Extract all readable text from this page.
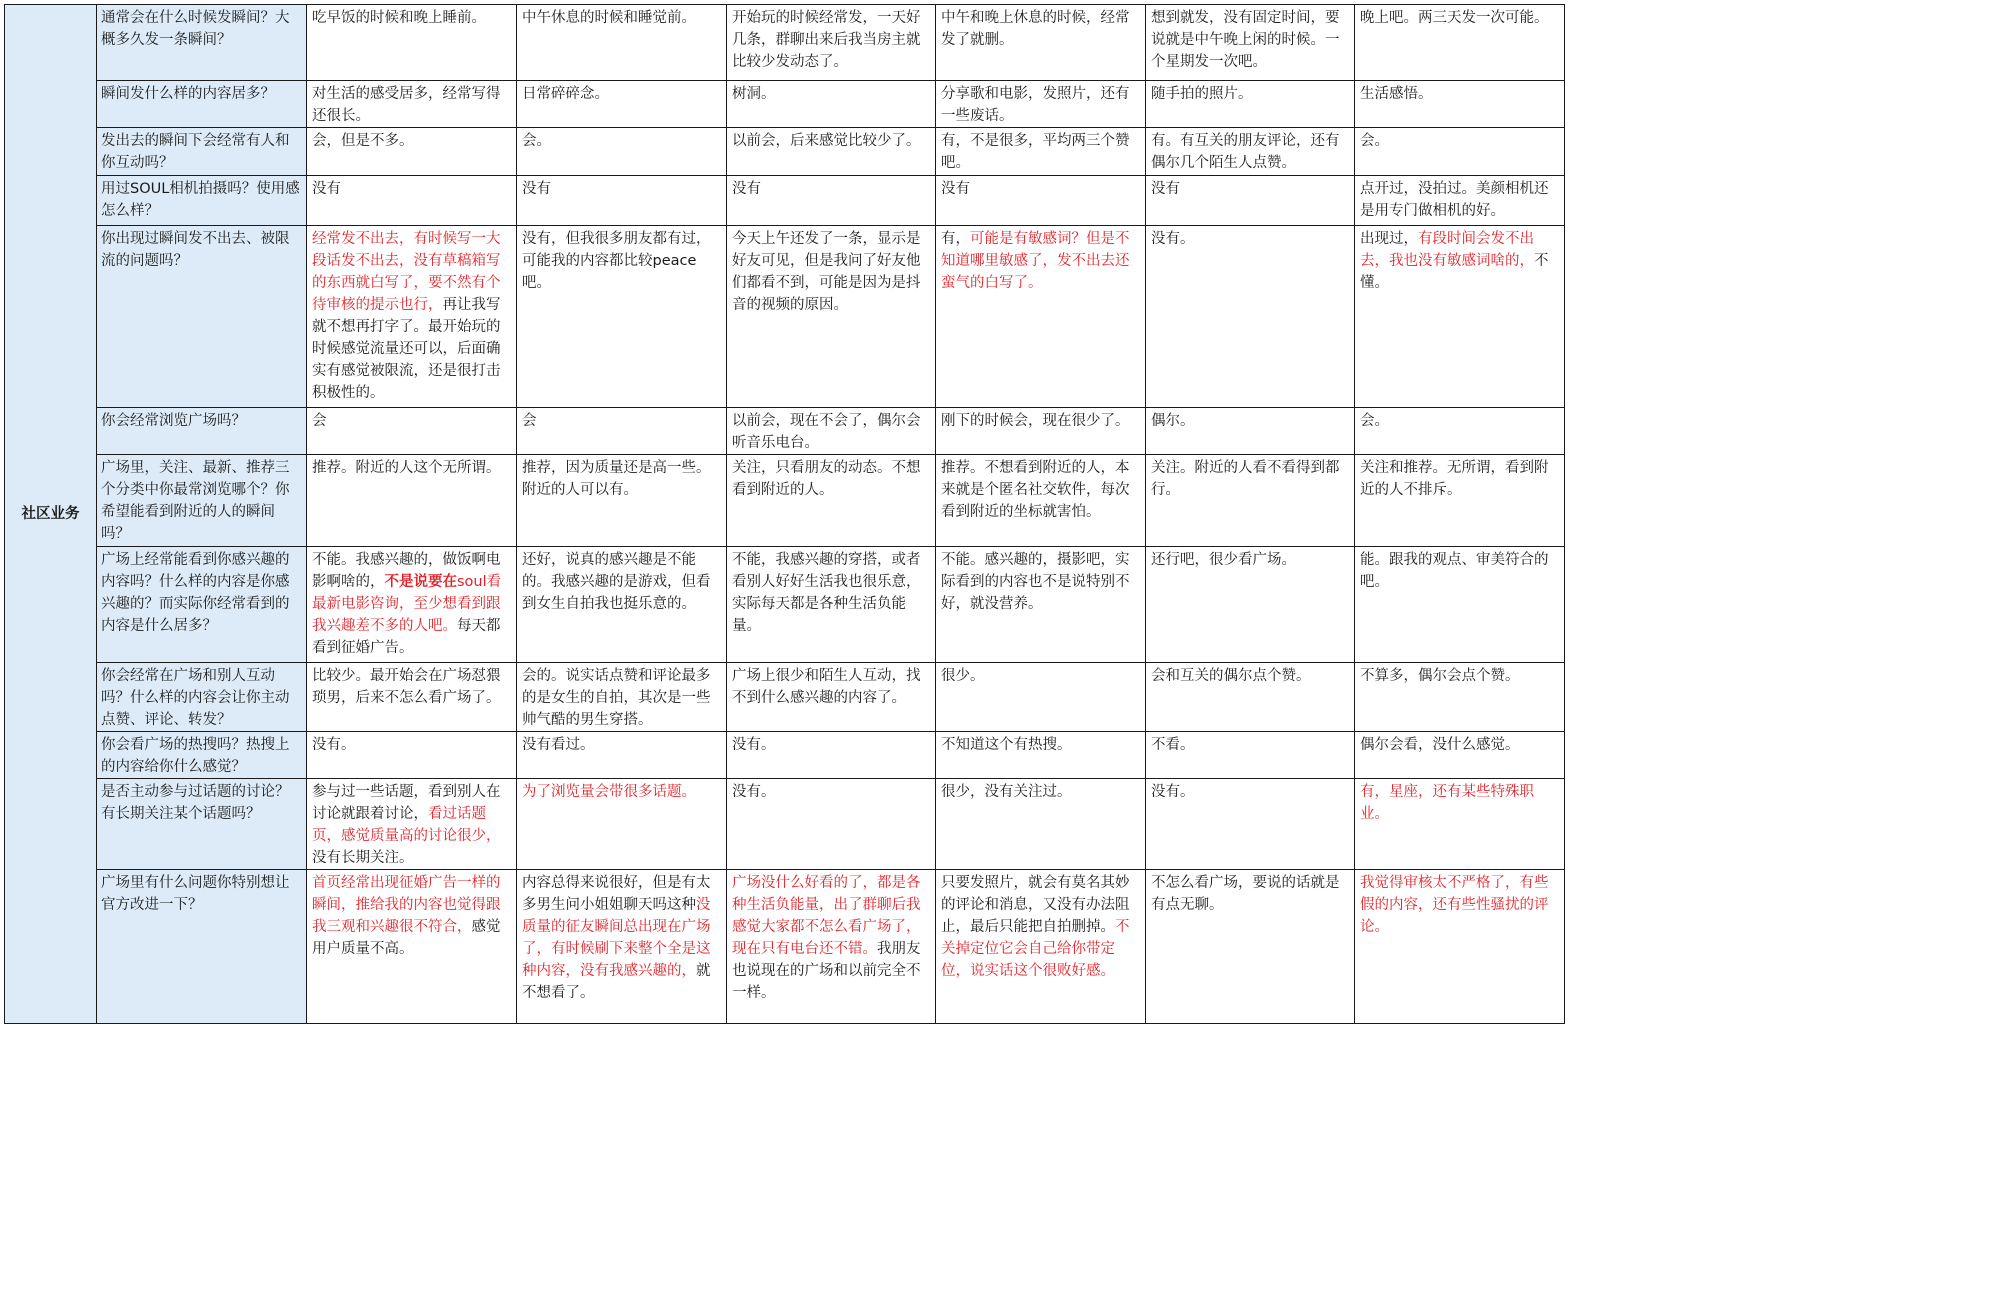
社区业务	通常会在什么时候发瞬间？大概多久发一条瞬间？	吃早饭的时候和晚上睡前。	中午休息的时候和睡觉前。	开始玩的时候经常发，一天好几条，群聊出来后我当房主就比较少发动态了。	中午和晚上休息的时候，经常发了就删。	想到就发，没有固定时间，要说就是中午晚上闲的时候。一个星期发一次吧。	晚上吧。两三天发一次可能。
	瞬间发什么样的内容居多？	对生活的感受居多，经常写得还很长。	日常碎碎念。	树洞。	分享歌和电影，发照片，还有一些废话。	随手拍的照片。	生活感悟。
	发出去的瞬间下会经常有人和你互动吗？	会，但是不多。	会。	以前会，后来感觉比较少了。	有，不是很多，平均两三个赞吧。	有。有互关的朋友评论，还有偶尔几个陌生人点赞。	会。
	用过SOUL相机拍摄吗？使用感怎么样？	没有	没有	没有	没有	没有	点开过，没拍过。美颜相机还是用专门做相机的好。
	你出现过瞬间发不出去、被限流的问题吗？	经常发不出去，有时候写一大段话发不出去，没有草稿箱写的东西就白写了，要不然有个待审核的提示也行，再让我写就不想再打字了。最开始玩的时候感觉流量还可以，后面确实有感觉被限流，还是很打击积极性的。	没有，但我很多朋友都有过，可能我的内容都比较peace吧。	今天上午还发了一条，显示是好友可见，但是我问了好友他们都看不到，可能是因为是抖音的视频的原因。	有，可能是有敏感词？但是不知道哪里敏感了，发不出去还蛮气的白写了。	没有。	出现过，有段时间会发不出去，我也没有敏感词啥的，不懂。
	你会经常浏览广场吗？	会	会	以前会，现在不会了，偶尔会听音乐电台。	刚下的时候会，现在很少了。	偶尔。	会。
	广场里，关注、最新、推荐三个分类中你最常浏览哪个？你希望能看到附近的人的瞬间吗？	推荐。附近的人这个无所谓。	推荐，因为质量还是高一些。附近的人可以有。	关注，只看朋友的动态。不想看到附近的人。	推荐。不想看到附近的人，本来就是个匿名社交软件，每次看到附近的坐标就害怕。	关注。附近的人看不看得到都行。	关注和推荐。无所谓，看到附近的人不排斥。
	广场上经常能看到你感兴趣的内容吗？什么样的内容是你感兴趣的？而实际你经常看到的内容是什么居多？	不能。我感兴趣的，做饭啊电影啊啥的，不是说要在soul看最新电影咨询，至少想看到跟我兴趣差不多的人吧。每天都看到征婚广告。	还好，说真的感兴趣是不能的。我感兴趣的是游戏，但看到女生自拍我也挺乐意的。	不能，我感兴趣的穿搭，或者看别人好好生活我也很乐意，实际每天都是各种生活负能量。	不能。感兴趣的，摄影吧，实际看到的内容也不是说特别不好，就没营养。	还行吧，很少看广场。	能。跟我的观点、审美符合的吧。
	你会经常在广场和别人互动吗？什么样的内容会让你主动点赞、评论、转发？	比较少。最开始会在广场怼猥琐男，后来不怎么看广场了。	会的。说实话点赞和评论最多的是女生的自拍，其次是一些帅气酷的男生穿搭。	广场上很少和陌生人互动，找不到什么感兴趣的内容了。	很少。	会和互关的偶尔点个赞。	不算多，偶尔会点个赞。
	你会看广场的热搜吗？热搜上的内容给你什么感觉？	没有。	没有看过。	没有。	不知道这个有热搜。	不看。	偶尔会看，没什么感觉。
	是否主动参与过话题的讨论？有长期关注某个话题吗？	参与过一些话题，看到别人在讨论就跟着讨论，看过话题页，感觉质量高的讨论很少，没有长期关注。	为了浏览量会带很多话题。	没有。	很少，没有关注过。	没有。	有，星座，还有某些特殊职业。
	广场里有什么问题你特别想让官方改进一下？	首页经常出现征婚广告一样的瞬间，推给我的内容也觉得跟我三观和兴趣很不符合，感觉用户质量不高。	内容总得来说很好，但是有太多男生问小姐姐聊天吗这种没质量的征友瞬间总出现在广场了，有时候刷下来整个全是这种内容，没有我感兴趣的，就不想看了。	广场没什么好看的了，都是各种生活负能量，出了群聊后我感觉大家都不怎么看广场了，现在只有电台还不错。我朋友也说现在的广场和以前完全不一样。	只要发照片，就会有莫名其妙的评论和消息，又没有办法阻止，最后只能把自拍删掉。不关掉定位它会自己给你带定位，说实话这个很败好感。	不怎么看广场，要说的话就是有点无聊。	我觉得审核太不严格了，有些假的内容，还有些性骚扰的评论。
